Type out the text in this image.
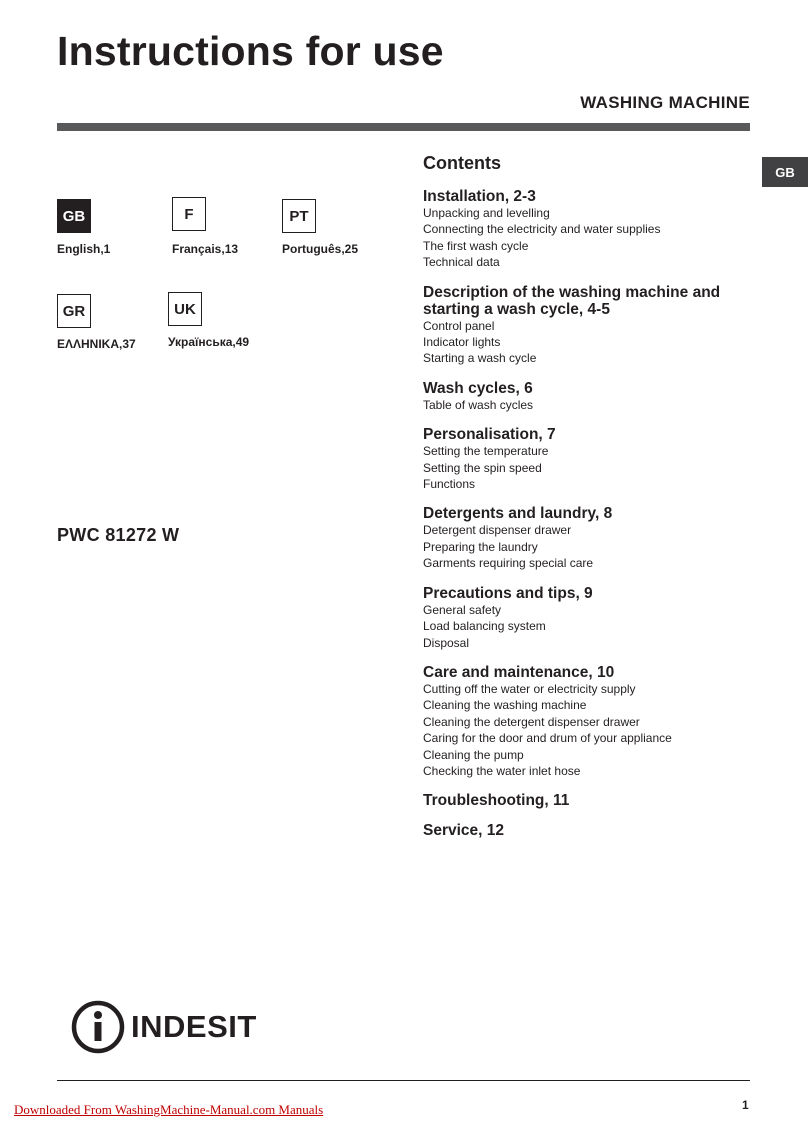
Instructions for use
WASHING MACHINE
GB
GB
English,1
F
Français,13
PT
Português,25
GR
ΕΛΛΗΝΙΚΑ,37
UK
Українська,49
PWC 81272 W
Contents
Installation, 2-3
Unpacking and levelling
Connecting the electricity and water supplies
The first wash cycle
Technical data
Description of the washing machine and starting a wash cycle, 4-5
Control panel
Indicator lights
Starting a wash cycle
Wash cycles, 6
Table of wash cycles
Personalisation, 7
Setting the temperature
Setting the spin speed
Functions
Detergents and laundry, 8
Detergent dispenser drawer
Preparing the laundry
Garments requiring special care
Precautions and tips, 9
General safety
Load balancing system
Disposal
Care and maintenance, 10
Cutting off the water or electricity supply
Cleaning the washing machine
Cleaning the detergent dispenser drawer
Caring for the door and drum of your appliance
Cleaning the pump
Checking the water inlet hose
Troubleshooting, 11
Service, 12
INDESIT
Downloaded From WashingMachine-Manual.com Manuals	1
